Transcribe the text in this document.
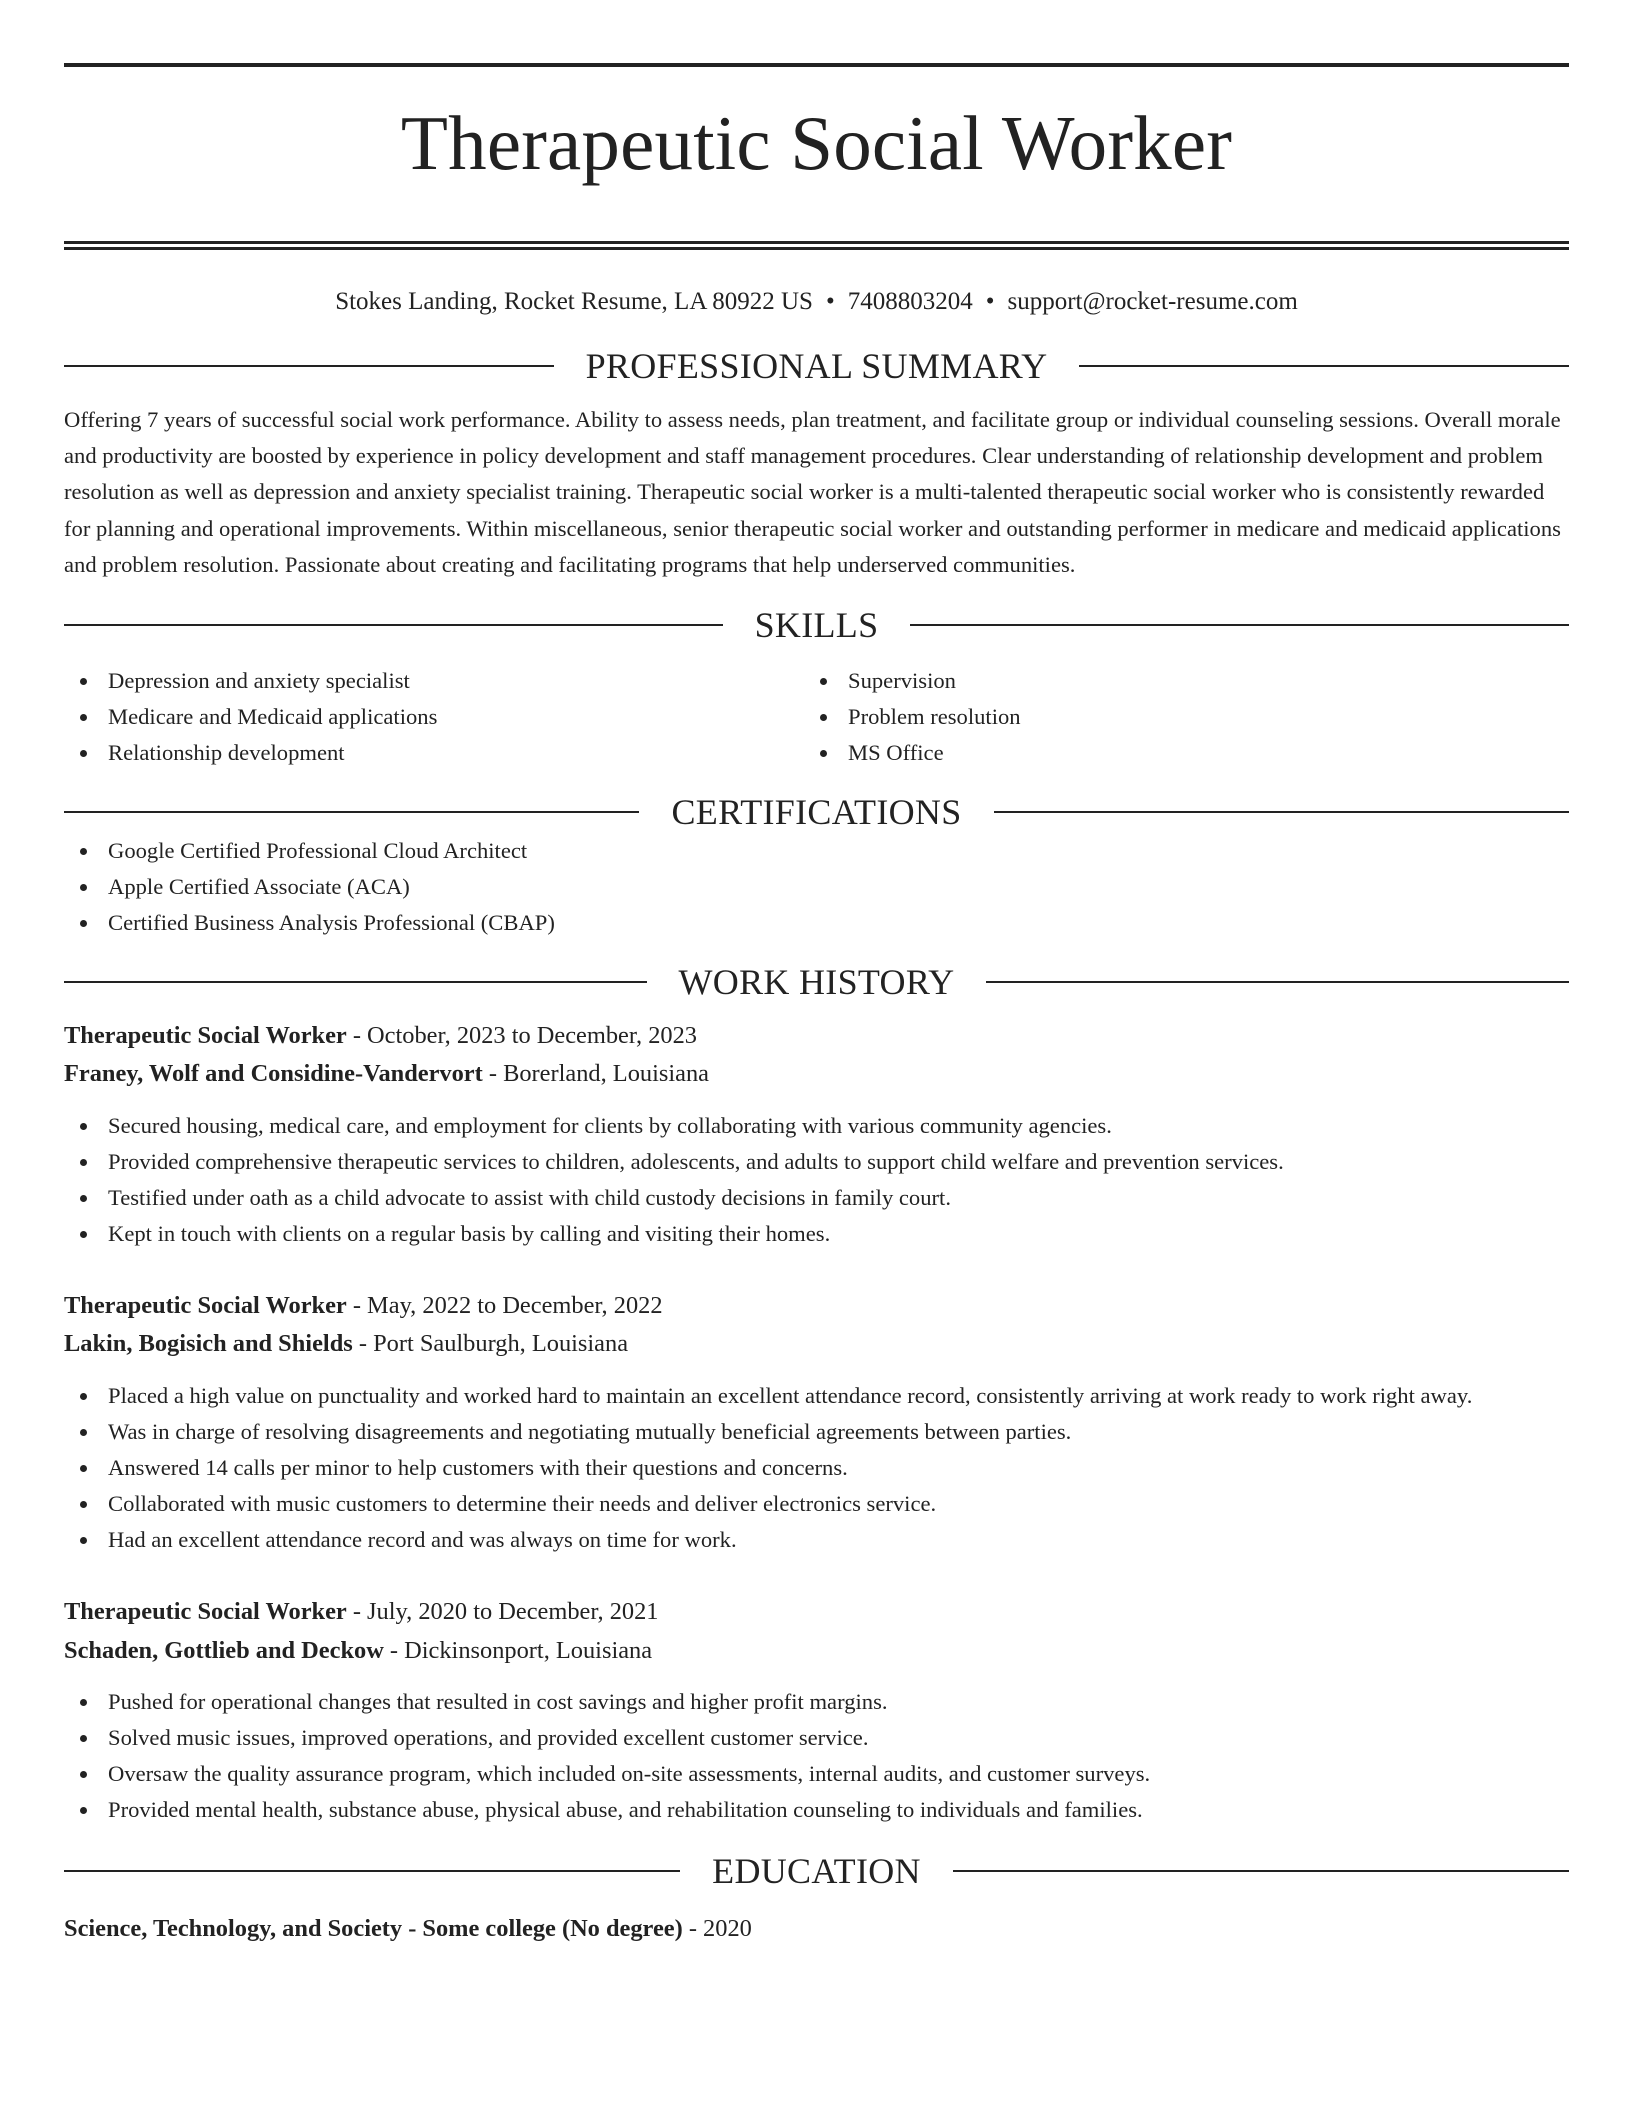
Therapeutic Social Worker
Stokes Landing, Rocket Resume, LA 80922 US • 7408803204 • support@rocket-resume.com
PROFESSIONAL SUMMARY

Offering 7 years of successful social work performance. Ability to assess needs, plan treatment, and facilitate group or individual counseling sessions. Overall morale and productivity are boosted by experience in policy development and staff management procedures. Clear understanding of relationship development and problem resolution as well as depression and anxiety specialist training. Therapeutic social worker is a multi-talented therapeutic social worker who is consistently rewarded for planning and operational improvements. Within miscellaneous, senior therapeutic social worker and outstanding performer in medicare and medicaid applications and problem resolution. Passionate about creating and facilitating programs that help underserved communities.

SKILLS
Depression and anxiety specialist
Medicare and Medicaid applications
Relationship development
Supervision
Problem resolution
MS Office
CERTIFICATIONS
Google Certified Professional Cloud Architect
Apple Certified Associate (ACA)
Certified Business Analysis Professional (CBAP)
WORK HISTORY
Therapeutic Social Worker - October, 2023 to December, 2023
Franey, Wolf and Considine-Vandervort - Borerland, Louisiana
Secured housing, medical care, and employment for clients by collaborating with various community agencies.
Provided comprehensive therapeutic services to children, adolescents, and adults to support child welfare and prevention services.
Testified under oath as a child advocate to assist with child custody decisions in family court.
Kept in touch with clients on a regular basis by calling and visiting their homes.
Therapeutic Social Worker - May, 2022 to December, 2022
Lakin, Bogisich and Shields - Port Saulburgh, Louisiana
Placed a high value on punctuality and worked hard to maintain an excellent attendance record, consistently arriving at work ready to work right away.
Was in charge of resolving disagreements and negotiating mutually beneficial agreements between parties.
Answered 14 calls per minor to help customers with their questions and concerns.
Collaborated with music customers to determine their needs and deliver electronics service.
Had an excellent attendance record and was always on time for work.
Therapeutic Social Worker - July, 2020 to December, 2021
Schaden, Gottlieb and Deckow - Dickinsonport, Louisiana
Pushed for operational changes that resulted in cost savings and higher profit margins.
Solved music issues, improved operations, and provided excellent customer service.
Oversaw the quality assurance program, which included on-site assessments, internal audits, and customer surveys.
Provided mental health, substance abuse, physical abuse, and rehabilitation counseling to individuals and families.
EDUCATION
Science, Technology, and Society - Some college (No degree) - 2020
